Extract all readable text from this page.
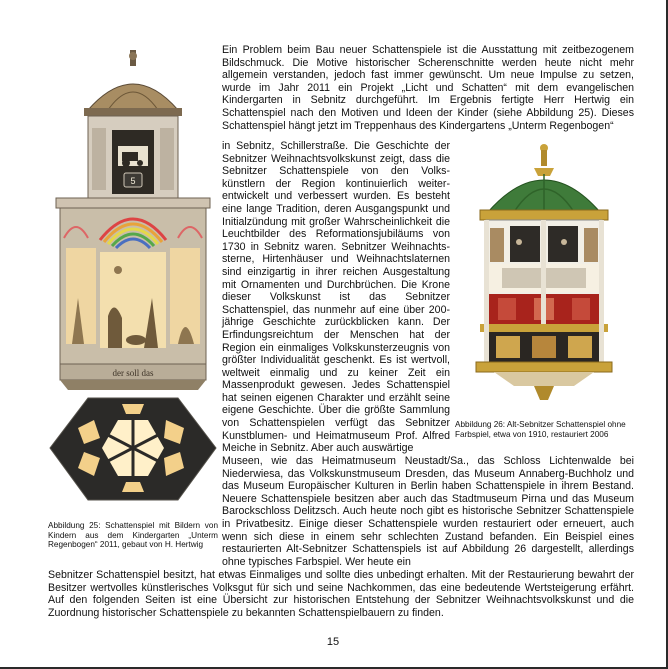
5
der soll das

Abbildung 25: Schattenspiel mit Bildern von Kindern aus dem Kindergarten „Unterm Regenbogen“ 2011, gebaut von H. Hertwig

Abbildung 26: Alt-Sebnitzer Schattenspiel ohne Farbspiel, etwa von 1910, restauriert 2006

Ein Problem beim Bau neuer Schattenspiele ist die Ausstattung mit zeitbezogenem Bildschmuck. Die Motive historischer Scherenschnitte werden heute nicht mehr allgemein verstanden, jedoch fast immer gewünscht. Um neue Impulse zu setzen, wurde im Jahr 2011 ein Projekt „Licht und Schatten“ mit dem evangelischen Kindergarten in Sebnitz durchgeführt. Im Ergebnis fertigte Herr Hertwig ein Schattenspiel nach den Motiven und Ideen der Kinder (siehe Abbildung 25). Dieses Schattenspiel hängt jetzt im Treppenhaus des Kindergartens „Unterm Regenbogen“

in Sebnitz, Schillerstraße. Die Geschichte der Sebnitzer Weihnachtsvolkskunst zeigt, dass die Sebnitzer Schattenspiele von den Volks-künstlern der Region kontinuierlich weiter-entwickelt und verbessert wurden. Es besteht eine lange Tradition, deren Ausgangspunkt und Initialzündung mit großer Wahrscheinlichkeit die Leuchtbilder des Reformationsjubiläums von 1730 in Sebnitz waren. Sebnitzer Weihnachts-sterne, Hirtenhäuser und Weihnachtslaternen sind einzigartig in ihrer reichen Ausgestaltung mit Ornamenten und Durchbrüchen. Die Krone dieser Volkskunst ist das Sebnitzer Schattenspiel, das nunmehr auf eine über 200-jährige Geschichte zurückblicken kann. Der Erfindungsreichtum der Menschen hat der Region ein einmaliges Volkskunsterzeugnis von größter Individualität geschenkt. Es ist wertvoll, weltweit einmalig und zu keiner Zeit ein Massenprodukt gewesen. Jedes Schattenspiel hat seinen eigenen Charakter und erzählt seine eigene Geschichte. Über die größte Sammlung von Schattenspielen verfügt das Sebnitzer Kunstblumen- und Heimatmuseum Prof. Alfred Meiche in Sebnitz. Aber auch auswärtige

Museen, wie das Heimatmuseum Neustadt/Sa., das Schloss Lichtenwalde bei Niederwiesa, das Volkskunstmuseum Dresden, das Museum Annaberg-Buchholz und das Museum Europäischer Kulturen in Berlin haben Schattenspiele in ihrem Bestand. Neuere Schattenspiele besitzen aber auch das Stadtmuseum Pirna und das Museum Barockschloss Delitzsch. Auch heute noch gibt es historische Sebnitzer Schattenspiele in Privatbesitz. Einige dieser Schattenspiele wurden restauriert oder erneuert, auch wenn sich diese in einem sehr schlechten Zustand befanden. Ein Beispiel eines restaurierten Alt-Sebnitzer Schattenspiels ist auf Abbildung 26 dargestellt, allerdings ohne typisches Farbspiel. Wer heute ein

Sebnitzer Schattenspiel besitzt, hat etwas Einmaliges und sollte dies unbedingt erhalten. Mit der Restaurierung bewahrt der Besitzer wertvolles künstlerisches Volksgut für sich und seine Nachkommen, das eine bedeutende Wertsteigerung erfährt. Auf den folgenden Seiten ist eine Übersicht zur historischen Entstehung der Sebnitzer Weihnachtsvolkskunst und die Zuordnung historischer Schattenspiele zu bekannten Schattenspielbauern zu finden.

15
